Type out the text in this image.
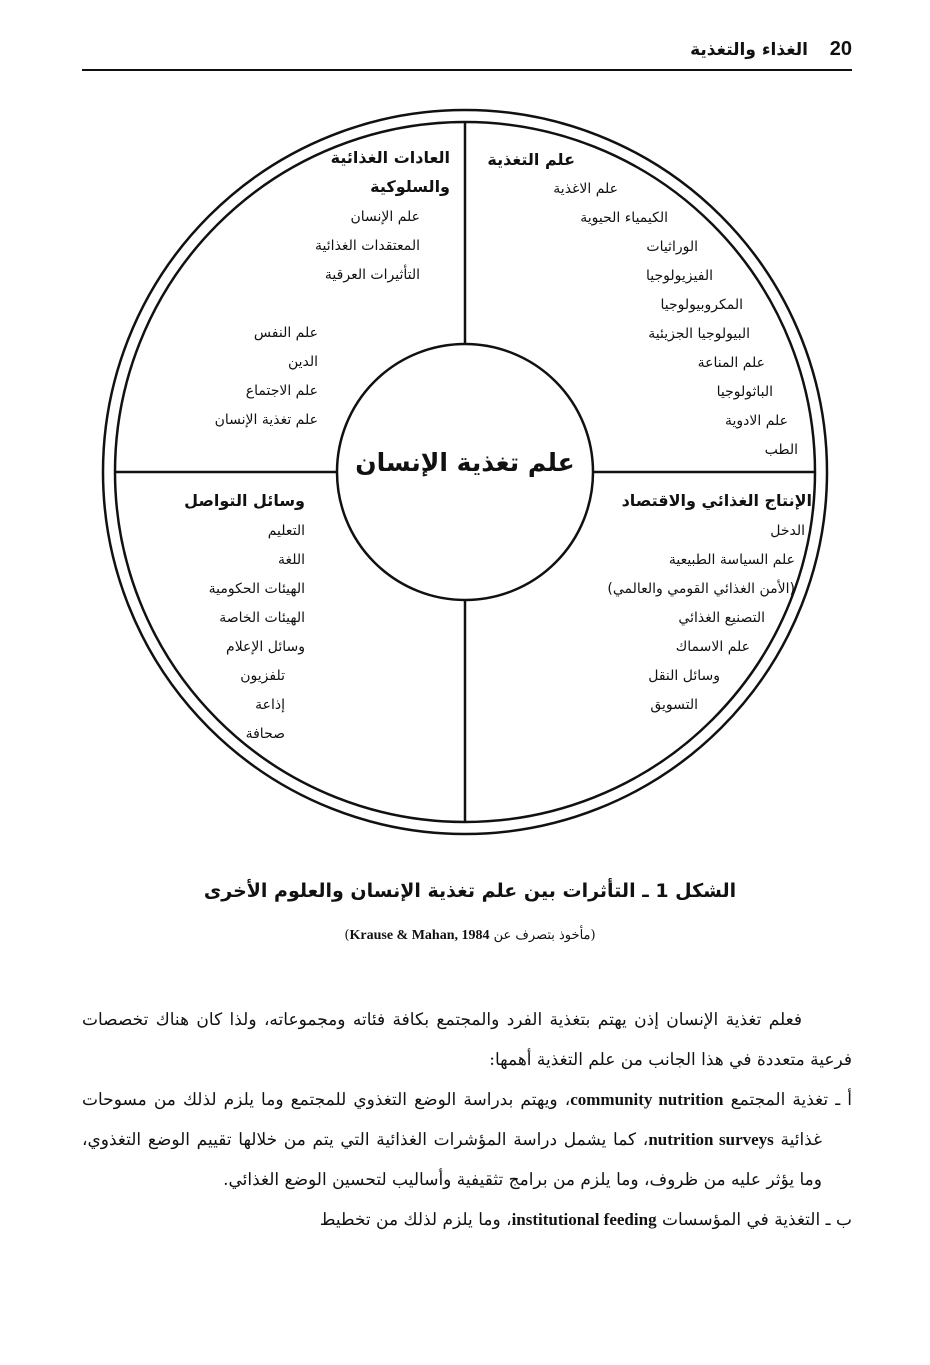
20
الغذاء والتغذية
علم تغذية الإنسان
علم التغذية
علم الاغذية
الكيمياء الحيوية
الوراثيات
الفيزيولوجيا
المكروبيولوجيا
البيولوجيا الجزيئية
علم المناعة
الباثولوجيا
علم الادوية
الطب
العادات الغذائية
والسلوكية
علم الإنسان
المعتقدات الغذائية
التأثيرات العرقية
علم النفس
الدين
علم الاجتماع
علم تغذية الإنسان
الإنتاج الغذائي والاقتصاد
الدخل
علم السياسة الطبيعية
(الأمن الغذائي القومي والعالمي)
التصنيع الغذائي
علم الاسماك
وسائل النقل
التسويق
وسائل التواصل
التعليم
اللغة
الهيئات الحكومية
الهيئات الخاصة
وسائل الإعلام
تلفزيون
إذاعة
صحافة
الشكل 1 ـ التأثرات بين علم تغذية الإنسان والعلوم الأخرى
(مأخوذ بتصرف عن Krause & Mahan, 1984)

فعلم تغذية الإنسان إذن يهتم بتغذية الفرد والمجتمع بكافة فئاته ومجموعاته، ولذا كان هناك تخصصات فرعية متعددة في هذا الجانب من علم التغذية أهمها:

أ ـ تغذية المجتمع community nutrition، ويهتم بدراسة الوضع التغذوي للمجتمع وما يلزم لذلك من مسوحات غذائية nutrition surveys، كما يشمل دراسة المؤشرات الغذائية التي يتم من خلالها تقييم الوضع التغذوي، وما يؤثر عليه من ظروف، وما يلزم من برامج تثقيفية وأساليب لتحسين الوضع الغذائي.

ب ـ التغذية في المؤسسات institutional feeding، وما يلزم لذلك من تخطيط
